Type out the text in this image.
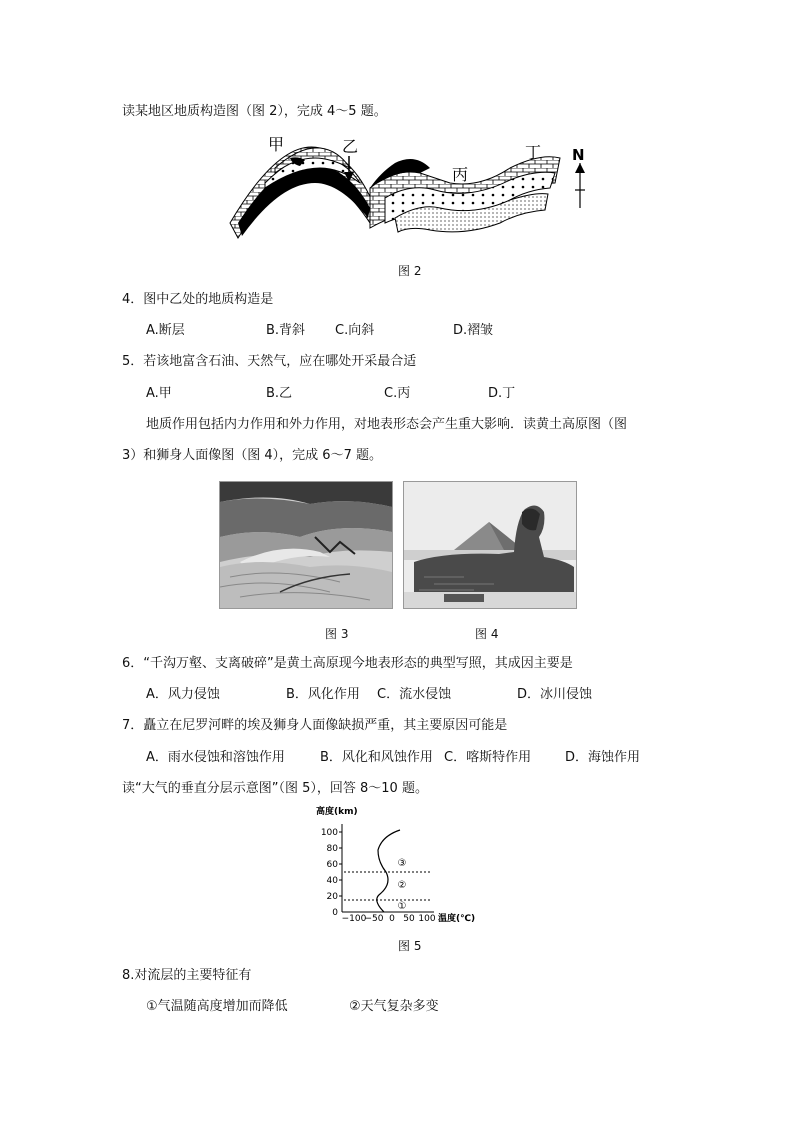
读某地区地质构造图（图 2），完成 4～5 题。
甲	乙
丙
丁 N
图 2
4．图中乙处的地质构造是
A.断层	B.背斜 C.向斜	D.褶皱
5．若该地富含石油、天然气，应在哪处开采最合适
A.甲	B.乙	C.丙	D.丁
地质作用包括内力作用和外力作用，对地表形态会产生重大影响．读黄土高原图（图
3）和狮身人面像图（图 4），完成 6～7 题。
图 3	图 4
6．“千沟万壑、支离破碎”是黄土高原现今地表形态的典型写照，其成因主要是
A．风力侵蚀	B．风化作用 C．流水侵蚀	D．冰川侵蚀
7．矗立在尼罗河畔的埃及狮身人面像缺损严重，其主要原因可能是
A．雨水侵蚀和溶蚀作用	B．风化和风蚀作用 C．喀斯特作用	D．海蚀作用
读“大气的垂直分层示意图”（图 5），回答 8～10 题。
100
80
60
40
20
0
高度(km)
−100
−50 0 50 100 温度(℃)
③
②
①
图 5
8.对流层的主要特征有
①气温随高度增加而降低	②天气复杂多变
